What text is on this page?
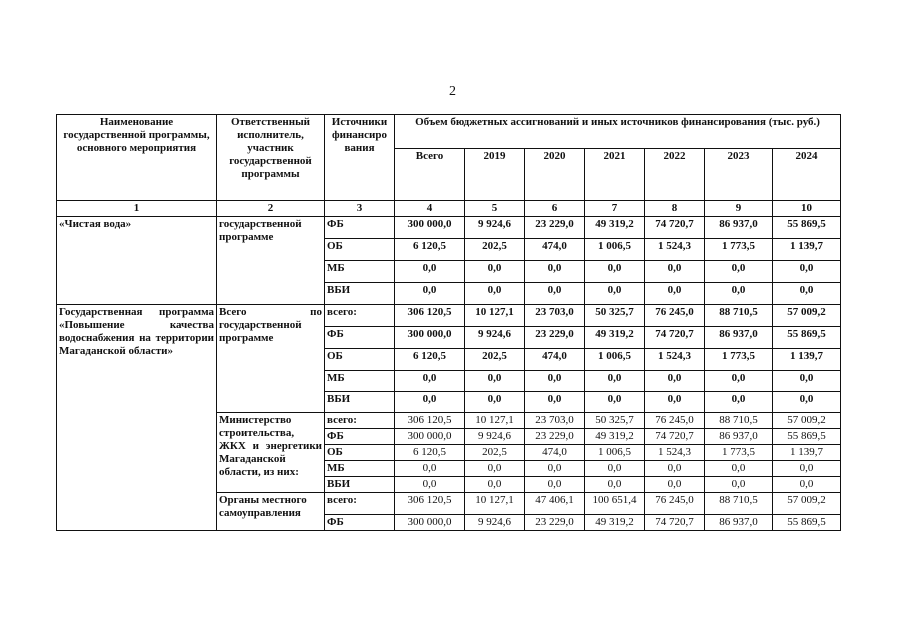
2
Наименование государственной программы, основного мероприятия	Ответственный исполнитель, участник государственной программы	Источники финансиро вания	Объем бюджетных ассигнований и иных источников финансирования (тыс. руб.)						
			Всего	2019	2020	2021	2022	2023	2024
1	2	3	4	5	6	7	8	9	10
«Чистая вода»	государственной программе	ФБ	300 000,0	9 924,6	23 229,0	49 319,2	74 720,7	86 937,0	55 869,5
		ОБ	6 120,5	202,5	474,0	1 006,5	1 524,3	1 773,5	1 139,7
		МБ	0,0	0,0	0,0	0,0	0,0	0,0	0,0
		ВБИ	0,0	0,0	0,0	0,0	0,0	0,0	0,0
Государственная программа «Повышение качества водоснабжения на территории Магаданской области»	Всего по государственной программе	всего:	306 120,5	10 127,1	23 703,0	50 325,7	76 245,0	88 710,5	57 009,2
		ФБ	300 000,0	9 924,6	23 229,0	49 319,2	74 720,7	86 937,0	55 869,5
		ОБ	6 120,5	202,5	474,0	1 006,5	1 524,3	1 773,5	1 139,7
		МБ	0,0	0,0	0,0	0,0	0,0	0,0	0,0
		ВБИ	0,0	0,0	0,0	0,0	0,0	0,0	0,0
	Министерство строительства, ЖКХ и энергетики Магаданской области, из них:	всего:	306 120,5	10 127,1	23 703,0	50 325,7	76 245,0	88 710,5	57 009,2
		ФБ	300 000,0	9 924,6	23 229,0	49 319,2	74 720,7	86 937,0	55 869,5
		ОБ	6 120,5	202,5	474,0	1 006,5	1 524,3	1 773,5	1 139,7
		МБ	0,0	0,0	0,0	0,0	0,0	0,0	0,0
		ВБИ	0,0	0,0	0,0	0,0	0,0	0,0	0,0
	Органы местного самоуправления	всего:	306 120,5	10 127,1	47 406,1	100 651,4	76 245,0	88 710,5	57 009,2
		ФБ	300 000,0	9 924,6	23 229,0	49 319,2	74 720,7	86 937,0	55 869,5
